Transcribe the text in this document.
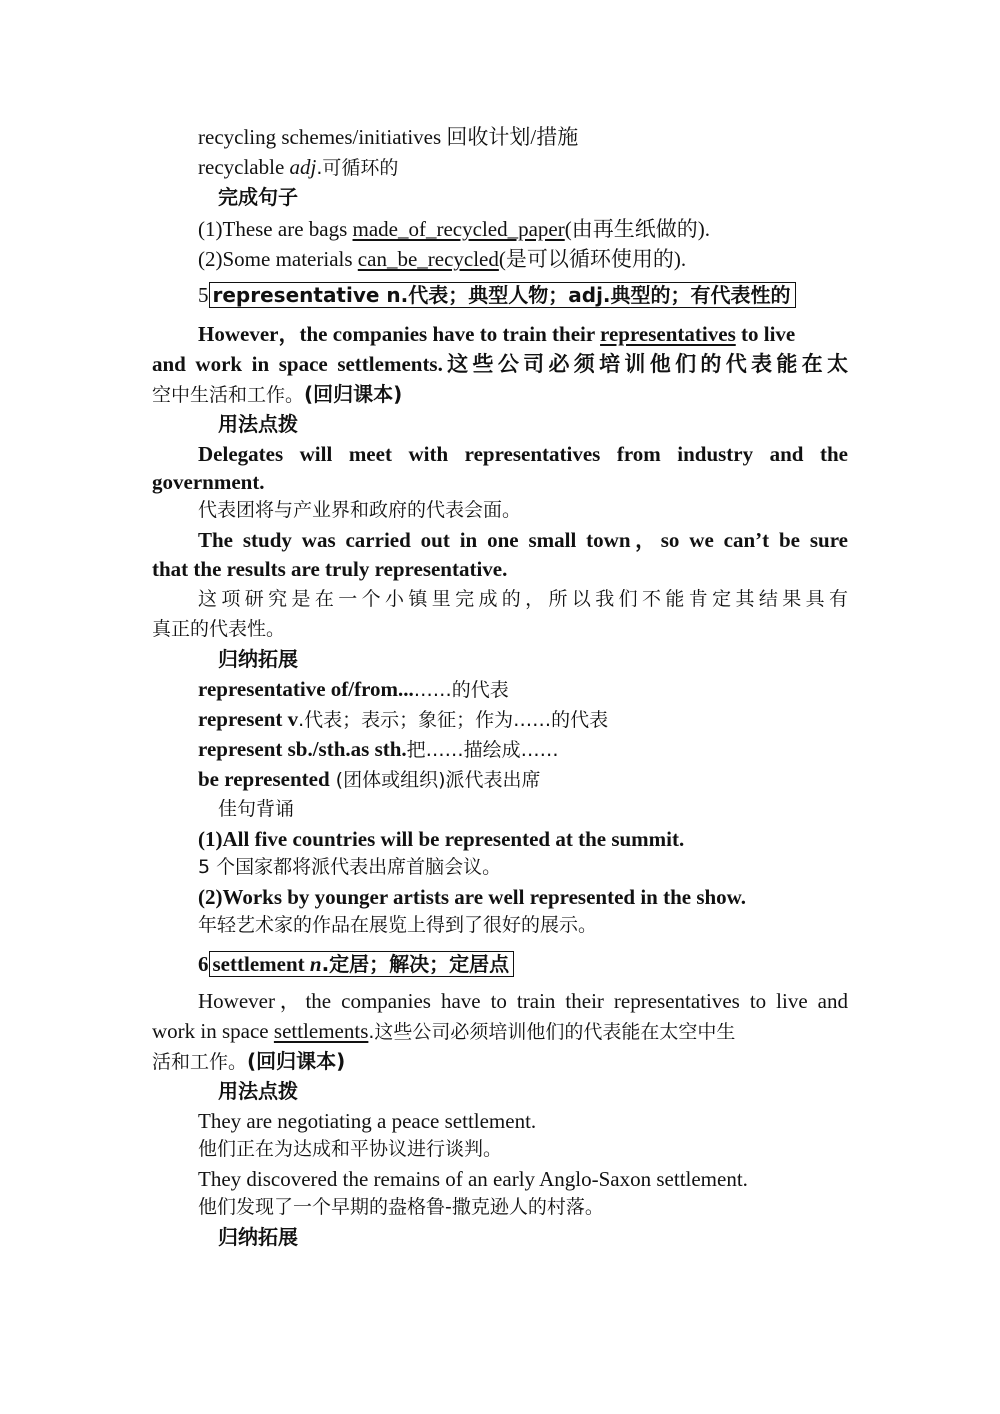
recycling schemes/initiatives 回收计划/措施
recyclable adj.可循环的
完成句子
(1)These are bags made_of_recycled_paper(由再生纸做的).
(2)Some materials can_be_recycled(是可以循环使用的).
5 representative n.代表；典型人物；adj.典型的；有代表性的
However，the companies have to train their representatives to live
and work in space settlements.这些公司必须培训他们的代表能在太
空中生活和工作。(回归课本)
用法点拨
Delegates will meet with representatives from industry and the
government.
代表团将与产业界和政府的代表会面。
The study was carried out in one small town，so we can’t be sure
that the results are truly representative.
这项研究是在一个小镇里完成的，所以我们不能肯定其结果具有
真正的代表性。
归纳拓展
representative of/from...……的代表
represent v.代表；表示；象征；作为……的代表
represent sb./sth.as sth.把……描绘成……
be represented (团体或组织)派代表出席
佳句背诵
(1)All five countries will be represented at the summit.
5 个国家都将派代表出席首脑会议。
(2)Works by younger artists are well represented in the show.
年轻艺术家的作品在展览上得到了很好的展示。
6 settlement n.定居；解决；定居点
However，the companies have to train their representatives to live and
work in space settlements.这些公司必须培训他们的代表能在太空中生
活和工作。(回归课本)
用法点拨
They are negotiating a peace settlement.
他们正在为达成和平协议进行谈判。
They discovered the remains of an early Anglo-Saxon settlement.
他们发现了一个早期的盎格鲁-撒克逊人的村落。
归纳拓展
